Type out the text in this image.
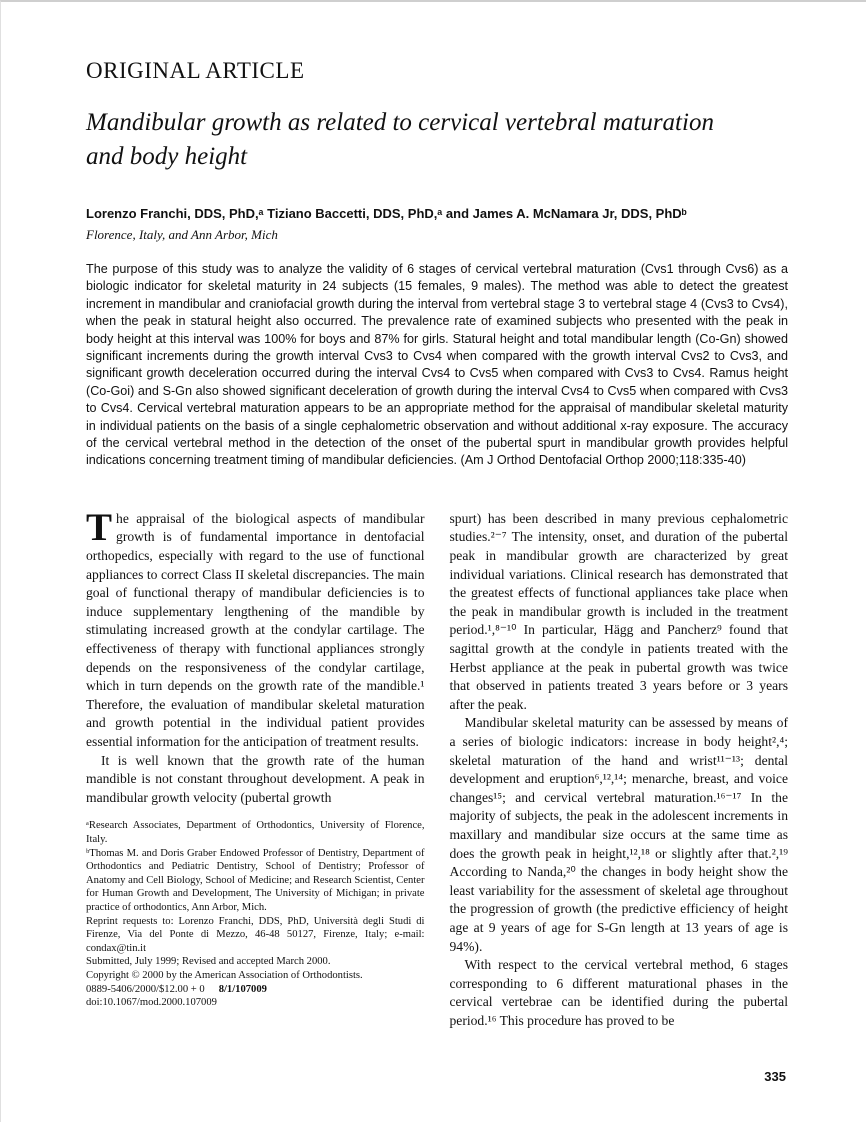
ORIGINAL ARTICLE
Mandibular growth as related to cervical vertebral maturation
and body height
Lorenzo Franchi, DDS, PhD,ᵃ Tiziano Baccetti, DDS, PhD,ᵃ and James A. McNamara Jr, DDS, PhDᵇ
Florence, Italy, and Ann Arbor, Mich
The purpose of this study was to analyze the validity of 6 stages of cervical vertebral maturation (Cvs1 through Cvs6) as a biologic indicator for skeletal maturity in 24 subjects (15 females, 9 males). The method was able to detect the greatest increment in mandibular and craniofacial growth during the interval from vertebral stage 3 to vertebral stage 4 (Cvs3 to Cvs4), when the peak in statural height also occurred. The prevalence rate of examined subjects who presented with the peak in body height at this interval was 100% for boys and 87% for girls. Statural height and total mandibular length (Co-Gn) showed significant increments during the growth interval Cvs3 to Cvs4 when compared with the growth interval Cvs2 to Cvs3, and significant growth deceleration occurred during the interval Cvs4 to Cvs5 when compared with Cvs3 to Cvs4. Ramus height (Co-Goi) and S-Gn also showed significant deceleration of growth during the interval Cvs4 to Cvs5 when compared with Cvs3 to Cvs4. Cervical vertebral maturation appears to be an appropriate method for the appraisal of mandibular skeletal maturity in individual patients on the basis of a single cephalometric observation and without additional x-ray exposure. The accuracy of the cervical vertebral method in the detection of the onset of the pubertal spurt in mandibular growth provides helpful indications concerning treatment timing of mandibular deficiencies. (Am J Orthod Dentofacial Orthop 2000;118:335-40)

The appraisal of the biological aspects of mandibular growth is of fundamental importance in dentofacial orthopedics, especially with regard to the use of functional appliances to correct Class II skeletal discrepancies. The main goal of functional therapy of mandibular deficiencies is to induce supplementary lengthening of the mandible by stimulating increased growth at the condylar cartilage. The effectiveness of therapy with functional appliances strongly depends on the responsiveness of the condylar cartilage, which in turn depends on the growth rate of the mandible.¹ Therefore, the evaluation of mandibular skeletal maturation and growth potential in the individual patient provides essential information for the anticipation of treatment results.

It is well known that the growth rate of the human mandible is not constant throughout development. A peak in mandibular growth velocity (pubertal growth

ᵃResearch Associates, Department of Orthodontics, University of Florence, Italy.

ᵇThomas M. and Doris Graber Endowed Professor of Dentistry, Department of Orthodontics and Pediatric Dentistry, School of Dentistry; Professor of Anatomy and Cell Biology, School of Medicine; and Research Scientist, Center for Human Growth and Development, The University of Michigan; in private practice of orthodontics, Ann Arbor, Mich.

Reprint requests to: Lorenzo Franchi, DDS, PhD, Università degli Studi di Firenze, Via del Ponte di Mezzo, 46-48 50127, Firenze, Italy; e-mail: condax@tin.it

Submitted, July 1999; Revised and accepted March 2000.

Copyright © 2000 by the American Association of Orthodontists.

0889-5406/2000/$12.00 + 0 8/1/107009

doi:10.1067/mod.2000.107009

spurt) has been described in many previous cephalometric studies.²⁻⁷ The intensity, onset, and duration of the pubertal peak in mandibular growth are characterized by great individual variations. Clinical research has demonstrated that the greatest effects of functional appliances take place when the peak in mandibular growth is included in the treatment period.¹,⁸⁻¹⁰ In particular, Hägg and Pancherz⁹ found that sagittal growth at the condyle in patients treated with the Herbst appliance at the peak in pubertal growth was twice that observed in patients treated 3 years before or 3 years after the peak.

Mandibular skeletal maturity can be assessed by means of a series of biologic indicators: increase in body height²,⁴; skeletal maturation of the hand and wrist¹¹⁻¹³; dental development and eruption⁶,¹²,¹⁴; menarche, breast, and voice changes¹⁵; and cervical vertebral maturation.¹⁶⁻¹⁷ In the majority of subjects, the peak in the adolescent increments in maxillary and mandibular size occurs at the same time as does the growth peak in height,¹²,¹⁸ or slightly after that.²,¹⁹ According to Nanda,²⁰ the changes in body height show the least variability for the assessment of skeletal age throughout the progression of growth (the predictive efficiency of height age at 9 years of age for S-Gn length at 13 years of age is 94%).

With respect to the cervical vertebral method, 6 stages corresponding to 6 different maturational phases in the cervical vertebrae can be identified during the pubertal period.¹⁶ This procedure has proved to be

335
